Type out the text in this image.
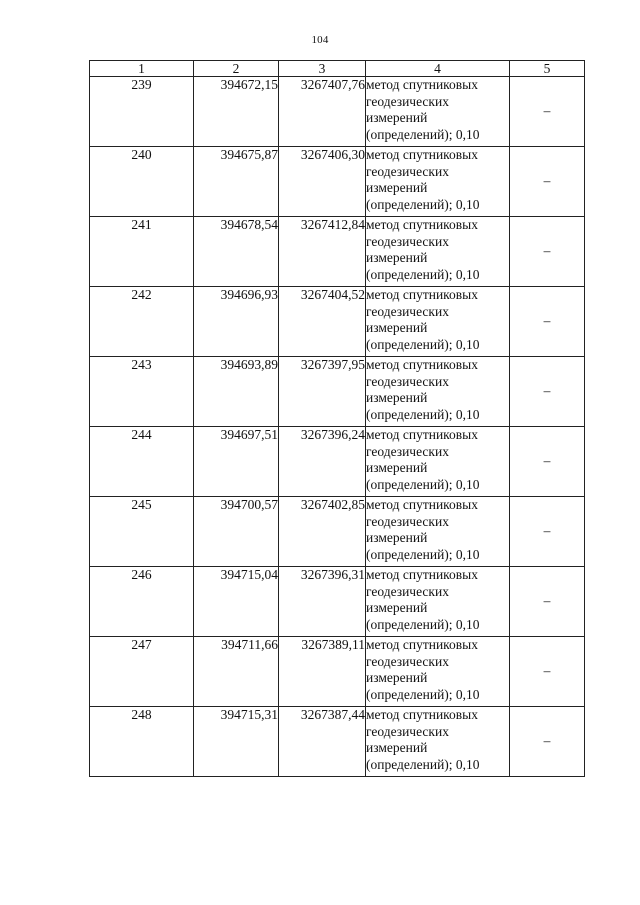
104
1	2	3	4	5
239	394672,15	3267407,76	метод спутниковых
геодезических
измерений
(определений); 0,10	–
240	394675,87	3267406,30	метод спутниковых
геодезических
измерений
(определений); 0,10	–
241	394678,54	3267412,84	метод спутниковых
геодезических
измерений
(определений); 0,10	–
242	394696,93	3267404,52	метод спутниковых
геодезических
измерений
(определений); 0,10	–
243	394693,89	3267397,95	метод спутниковых
геодезических
измерений
(определений); 0,10	–
244	394697,51	3267396,24	метод спутниковых
геодезических
измерений
(определений); 0,10	–
245	394700,57	3267402,85	метод спутниковых
геодезических
измерений
(определений); 0,10	–
246	394715,04	3267396,31	метод спутниковых
геодезических
измерений
(определений); 0,10	–
247	394711,66	3267389,11	метод спутниковых
геодезических
измерений
(определений); 0,10	–
248	394715,31	3267387,44	метод спутниковых
геодезических
измерений
(определений); 0,10	–
